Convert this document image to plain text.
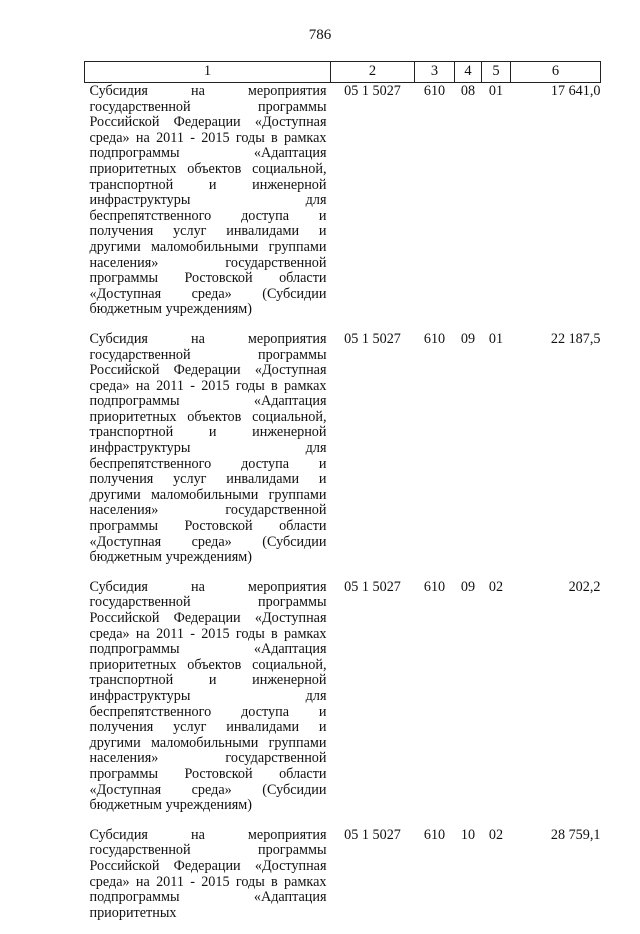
786
1	2	3	4	5	6
Субсидия на мероприятия государственной программы Российской Федерации «Доступная среда» на 2011 - 2015 годы в рамках подпрограммы «Адаптация приоритетных объектов социальной, транспортной и инженерной инфраструктуры для беспрепятственного доступа и получения услуг инвалидами и другими маломобильными группами населения» государственной программы Ростовской области «Доступная среда» (Субсидии бюджетным учреждениям)	05 1 5027	610	08	01	17 641,0
Субсидия на мероприятия государственной программы Российской Федерации «Доступная среда» на 2011 - 2015 годы в рамках подпрограммы «Адаптация приоритетных объектов социальной, транспортной и инженерной инфраструктуры для беспрепятственного доступа и получения услуг инвалидами и другими маломобильными группами населения» государственной программы Ростовской области «Доступная среда» (Субсидии бюджетным учреждениям)	05 1 5027	610	09	01	22 187,5
Субсидия на мероприятия государственной программы Российской Федерации «Доступная среда» на 2011 - 2015 годы в рамках подпрограммы «Адаптация приоритетных объектов социальной, транспортной и инженерной инфраструктуры для беспрепятственного доступа и получения услуг инвалидами и другими маломобильными группами населения» государственной программы Ростовской области «Доступная среда» (Субсидии бюджетным учреждениям)	05 1 5027	610	09	02	202,2
Субсидия на мероприятия государственной программы Российской Федерации «Доступная среда» на 2011 - 2015 годы в рамках подпрограммы «Адаптация приоритетных	05 1 5027	610	10	02	28 759,1
